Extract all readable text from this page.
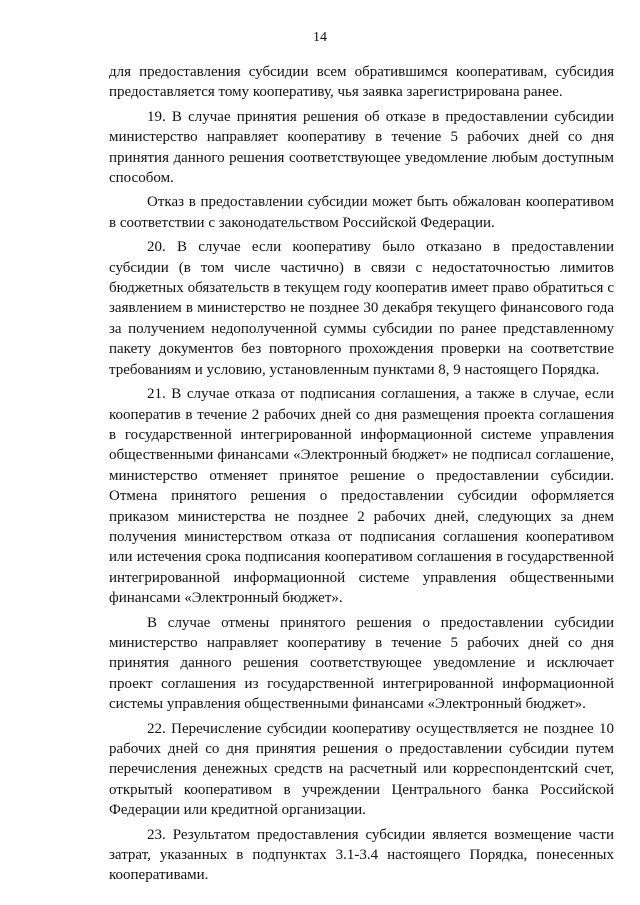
14

для предоставления субсидии всем обратившимся кооперативам, субсидия предоставляется тому кооперативу, чья заявка зарегистрирована ранее.

19. В случае принятия решения об отказе в предоставлении субсидии министерство направляет кооперативу в течение 5 рабочих дней со дня принятия данного решения соответствующее уведомление любым доступным способом.

Отказ в предоставлении субсидии может быть обжалован кооперативом в соответствии с законодательством Российской Федерации.

20. В случае если кооперативу было отказано в предоставлении субсидии (в том числе частично) в связи с недостаточностью лимитов бюджетных обязательств в текущем году кооператив имеет право обратиться с заявлением в министерство не позднее 30 декабря текущего финансового года за получением недополученной суммы субсидии по ранее представленному пакету документов без повторного прохождения проверки на соответствие требованиям и условию, установленным пунктами 8, 9 настоящего Порядка.

21. В случае отказа от подписания соглашения, а также в случае, если кооператив в течение 2 рабочих дней со дня размещения проекта соглашения в государственной интегрированной информационной системе управления общественными финансами «Электронный бюджет» не подписал соглашение, министерство отменяет принятое решение о предоставлении субсидии. Отмена принятого решения о предоставлении субсидии оформляется приказом министерства не позднее 2 рабочих дней, следующих за днем получения министерством отказа от подписания соглашения кооперативом или истечения срока подписания кооперативом соглашения в государственной интегрированной информационной системе управления общественными финансами «Электронный бюджет».

В случае отмены принятого решения о предоставлении субсидии министерство направляет кооперативу в течение 5 рабочих дней со дня принятия данного решения соответствующее уведомление и исключает проект соглашения из государственной интегрированной информационной системы управления общественными финансами «Электронный бюджет».

22. Перечисление субсидии кооперативу осуществляется не позднее 10 рабочих дней со дня принятия решения о предоставлении субсидии путем перечисления денежных средств на расчетный или корреспондентский счет, открытый кооперативом в учреждении Центрального банка Российской Федерации или кредитной организации.

23. Результатом предоставления субсидии является возмещение части затрат, указанных в подпунктах 3.1-3.4 настоящего Порядка, понесенных кооперативами.
